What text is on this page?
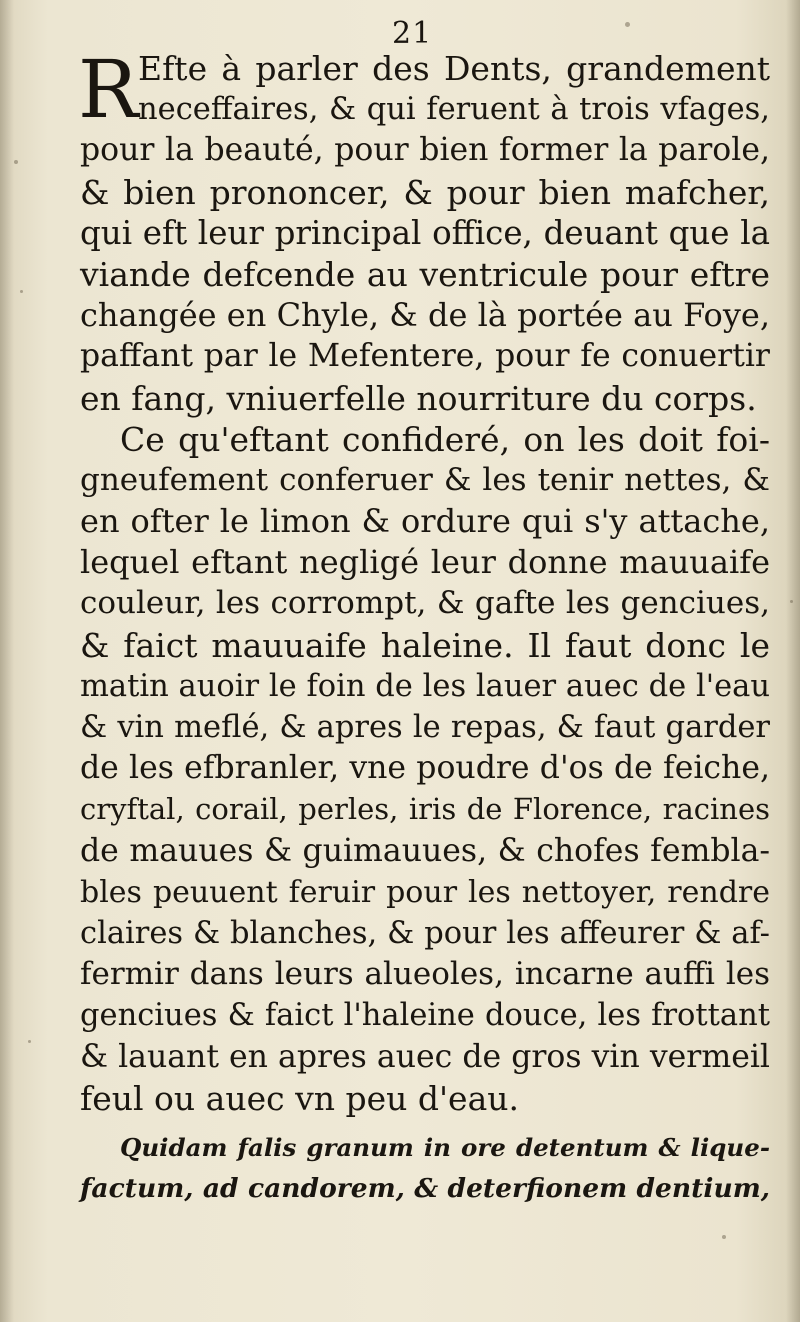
21
R Efte à parler des Dents, grandement
neceffaires, & qui feruent à trois vfages,
pour la beauté, pour bien former la parole,
& bien prononcer, & pour bien mafcher,
qui eft leur principal office, deuant que la
viande defcende au ventricule pour eftre
changée en Chyle, & de là portée au Foye,
paffant par le Mefentere, pour fe conuertir
en fang, vniuerfelle nourriture du corps.
Ce qu'eftant confideré, on les doit foi-
gneufement conferuer & les tenir nettes, &
en ofter le limon & ordure qui s'y attache,
lequel eftant negligé leur donne mauuaife
couleur, les corrompt, & gafte les genciues,
& faict mauuaife haleine. Il faut donc le
matin auoir le foin de les lauer auec de l'eau
& vin meflé, & apres le repas, & faut garder
de les efbranler, vne poudre d'os de feiche,
cryftal, corail, perles, iris de Florence, racines
de mauues & guimauues, & chofes fembla-
bles peuuent feruir pour les nettoyer, rendre
claires & blanches, & pour les affeurer & af-
fermir dans leurs alueoles, incarne auffi les
genciues & faict l'haleine douce, les frottant
& lauant en apres auec de gros vin vermeil
feul ou auec vn peu d'eau.
Quidam falis granum in ore detentum & lique-
factum, ad candorem, & deterfionem dentium,
